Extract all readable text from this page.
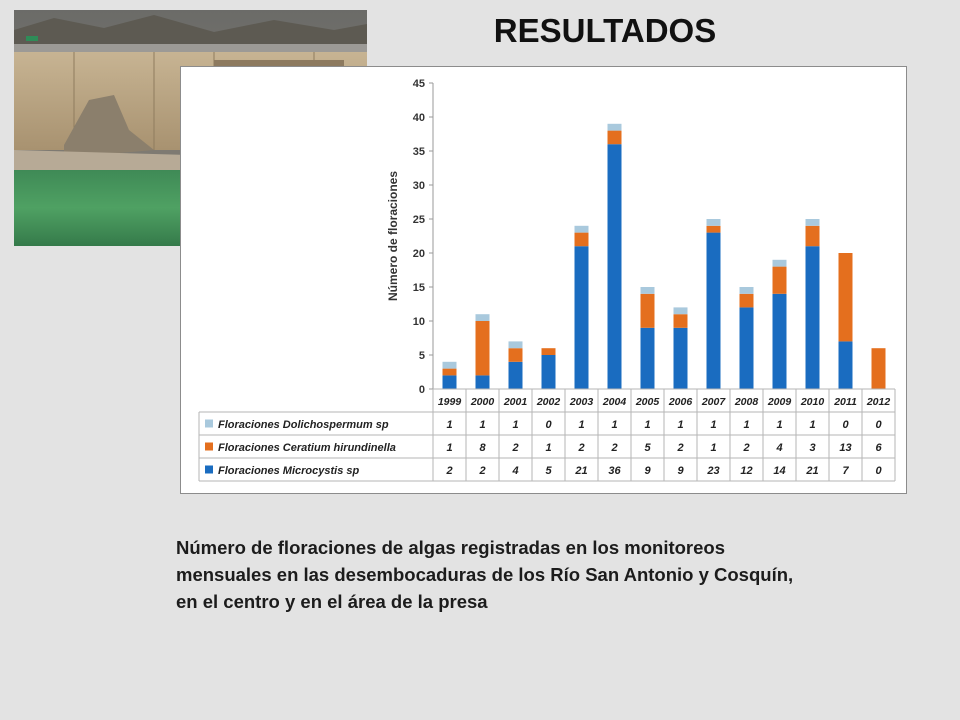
RESULTADOS
0
5
10
15
20
25
30
35
40
45
Número de floraciones
1999 2000 2001 2002 2003 2004 2005 2006 2007 2008 2009 2010 2011 2012
Floraciones Dolichospermum sp	1 1 1 0 1 1 1 1 1 1 1 1 0 0
Floraciones Ceratium hirundinella	1 8 2 1 2 2 5 2 1 2 4 3 13 6
Floraciones Microcystis sp	2 2 4 5 21 36 9 9 23 12 14 21 7 0
Número de floraciones de algas registradas en los monitoreos mensuales en las desembocaduras de los Río San Antonio y Cosquín, en el centro y en el área de la presa
